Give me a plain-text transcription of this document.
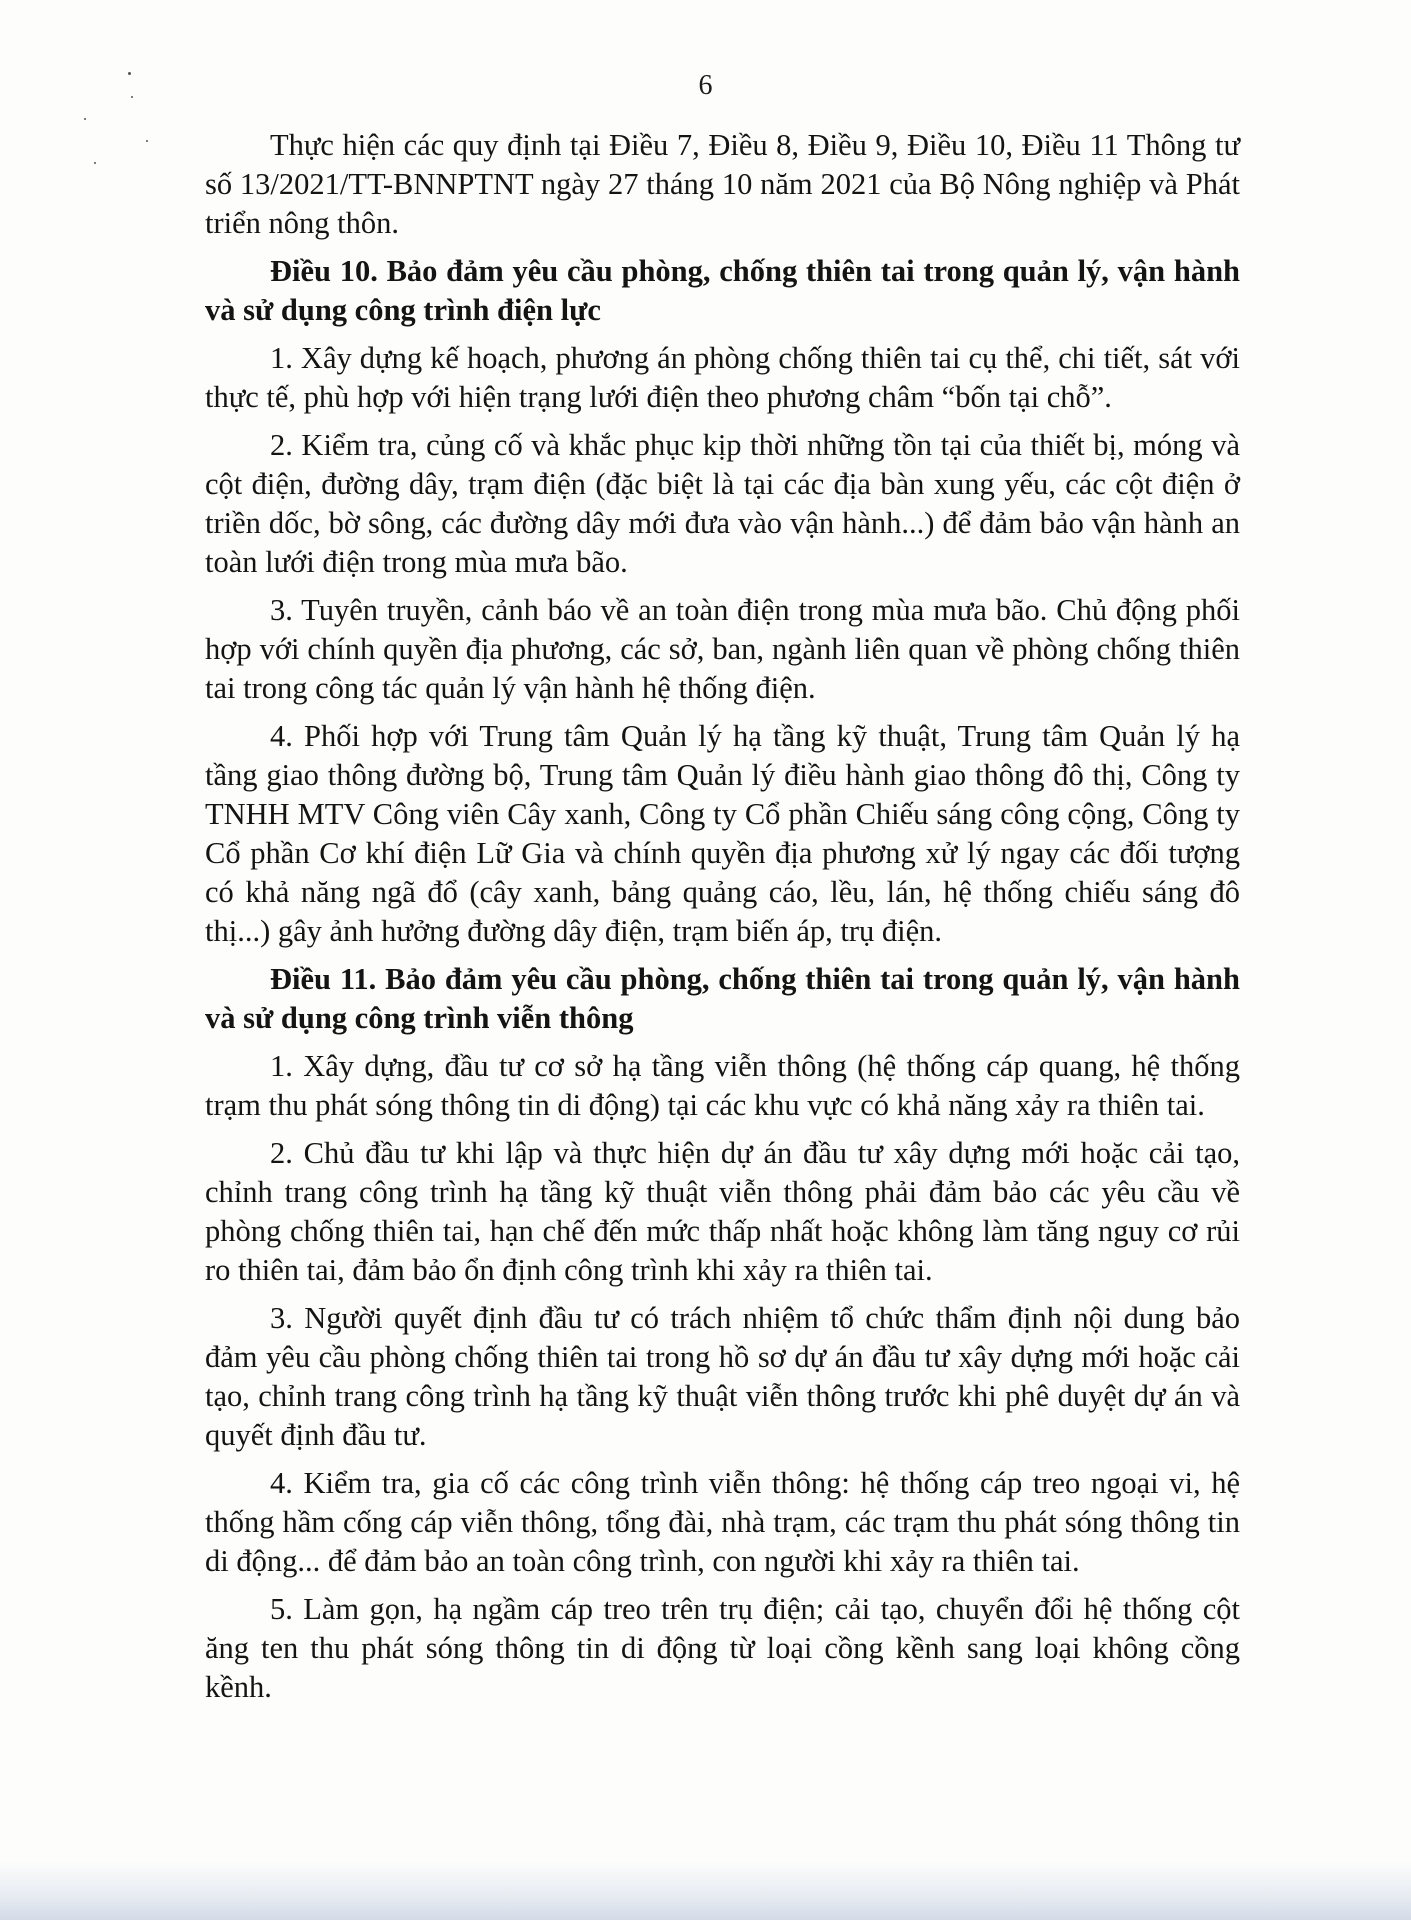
6

Thực hiện các quy định tại Điều 7, Điều 8, Điều 9, Điều 10, Điều 11 Thông tư số 13/2021/TT-BNNPTNT ngày 27 tháng 10 năm 2021 của Bộ Nông nghiệp và Phát triển nông thôn.

Điều 10. Bảo đảm yêu cầu phòng, chống thiên tai trong quản lý, vận hành và sử dụng công trình điện lực

1. Xây dựng kế hoạch, phương án phòng chống thiên tai cụ thể, chi tiết, sát với thực tế, phù hợp với hiện trạng lưới điện theo phương châm “bốn tại chỗ”.

2. Kiểm tra, củng cố và khắc phục kịp thời những tồn tại của thiết bị, móng và cột điện, đường dây, trạm điện (đặc biệt là tại các địa bàn xung yếu, các cột điện ở triền dốc, bờ sông, các đường dây mới đưa vào vận hành...) để đảm bảo vận hành an toàn lưới điện trong mùa mưa bão.

3. Tuyên truyền, cảnh báo về an toàn điện trong mùa mưa bão. Chủ động phối hợp với chính quyền địa phương, các sở, ban, ngành liên quan về phòng chống thiên tai trong công tác quản lý vận hành hệ thống điện.

4. Phối hợp với Trung tâm Quản lý hạ tầng kỹ thuật, Trung tâm Quản lý hạ tầng giao thông đường bộ, Trung tâm Quản lý điều hành giao thông đô thị, Công ty TNHH MTV Công viên Cây xanh, Công ty Cổ phần Chiếu sáng công cộng, Công ty Cổ phần Cơ khí điện Lữ Gia và chính quyền địa phương xử lý ngay các đối tượng có khả năng ngã đổ (cây xanh, bảng quảng cáo, lều, lán, hệ thống chiếu sáng đô thị...) gây ảnh hưởng đường dây điện, trạm biến áp, trụ điện.

Điều 11. Bảo đảm yêu cầu phòng, chống thiên tai trong quản lý, vận hành và sử dụng công trình viễn thông

1. Xây dựng, đầu tư cơ sở hạ tầng viễn thông (hệ thống cáp quang, hệ thống trạm thu phát sóng thông tin di động) tại các khu vực có khả năng xảy ra thiên tai.

2. Chủ đầu tư khi lập và thực hiện dự án đầu tư xây dựng mới hoặc cải tạo, chỉnh trang công trình hạ tầng kỹ thuật viễn thông phải đảm bảo các yêu cầu về phòng chống thiên tai, hạn chế đến mức thấp nhất hoặc không làm tăng nguy cơ rủi ro thiên tai, đảm bảo ổn định công trình khi xảy ra thiên tai.

3. Người quyết định đầu tư có trách nhiệm tổ chức thẩm định nội dung bảo đảm yêu cầu phòng chống thiên tai trong hồ sơ dự án đầu tư xây dựng mới hoặc cải tạo, chỉnh trang công trình hạ tầng kỹ thuật viễn thông trước khi phê duyệt dự án và quyết định đầu tư.

4. Kiểm tra, gia cố các công trình viễn thông: hệ thống cáp treo ngoại vi, hệ thống hầm cống cáp viễn thông, tổng đài, nhà trạm, các trạm thu phát sóng thông tin di động... để đảm bảo an toàn công trình, con người khi xảy ra thiên tai.

5. Làm gọn, hạ ngầm cáp treo trên trụ điện; cải tạo, chuyển đổi hệ thống cột ăng ten thu phát sóng thông tin di động từ loại cồng kềnh sang loại không cồng kềnh.
